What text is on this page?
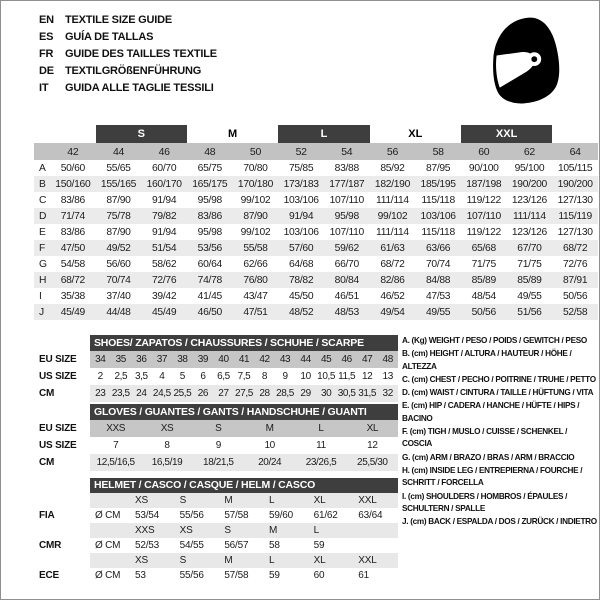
EN	TEXTILE SIZE GUIDE
ES	GUÍA DE TALLAS
FR	GUIDE DES TAILLES TEXTILE
DE	TEXTILGRÖßENFÜHRUNG
IT	GUIDA ALLE TAGLIE TESSILI
		S		M		L		XL		XXL		
	42	44	46	48	50	52	54	56	58	60	62	64
A	50/60	55/65	60/70	65/75	70/80	75/85	83/88	85/92	87/95	90/100	95/100	105/115
B	150/160	155/165	160/170	165/175	170/180	173/183	177/187	182/190	185/195	187/198	190/200	190/200
C	83/86	87/90	91/94	95/98	99/102	103/106	107/110	111/114	115/118	119/122	123/126	127/130
D	71/74	75/78	79/82	83/86	87/90	91/94	95/98	99/102	103/106	107/110	111/114	115/119
E	83/86	87/90	91/94	95/98	99/102	103/106	107/110	111/114	115/118	119/122	123/126	127/130
F	47/50	49/52	51/54	53/56	55/58	57/60	59/62	61/63	63/66	65/68	67/70	68/72
G	54/58	56/60	58/62	60/64	62/66	64/68	66/70	68/72	70/74	71/75	71/75	72/76
H	68/72	70/74	72/76	74/78	76/80	78/82	80/84	82/86	84/88	85/89	85/89	87/91
I	35/38	37/40	39/42	41/45	43/47	45/50	46/51	46/52	47/53	48/54	49/55	50/56
J	45/49	44/48	45/49	46/50	47/51	48/52	48/53	49/54	49/55	50/56	51/56	52/58
SHOES/ ZAPATOS / CHAUSSURES / SCHUHE / SCARPE
EU SIZE	34	35	36	37	38	39	40	41	42	43	44	45	46	47	48
US SIZE	2	2,5	3,5	4	5	6	6,5	7,5	8	9	10	10,5	11,5	12	13
CM	23	23,5	24	24,5	25,5	26	27	27,5	28	28,5	29	30	30,5	31,5	32
GLOVES / GUANTES / GANTS / HANDSCHUHE / GUANTI
EU SIZE	XXS	XS	S	M	L	XL
US SIZE	7	8	9	10	11	12
CM	12,5/16,5	16,5/19	18/21,5	20/24	23/26,5	25,5/30
HELMET / CASCO / CASQUE / HELM / CASCO
		XS	S	M	L	XL	XXL
FIA	Ø CM	53/54	55/56	57/58	59/60	61/62	63/64
		XXS	XS	S	M	L	
CMR	Ø CM	52/53	54/55	56/57	58	59	
		XS	S	M	L	XL	XXL
ECE	Ø CM	53	55/56	57/58	59	60	61
A. (Kg) WEIGHT / PESO / POIDS / GEWITCH / PESO
B. (cm) HEIGHT / ALTURA / HAUTEUR / HÖHE / ALTEZZA
C. (cm) CHEST / PECHO / POITRINE / TRUHE / PETTO
D. (cm) WAIST / CINTURA / TAILLE / HÜFTUNG / VITA
E. (cm) HIP / CADERA / HANCHE / HÜFTE / HIPS / BACINO
F. (cm) TIGH / MUSLO / CUISSE / SCHENKEL / COSCIA
G. (cm) ARM / BRAZO / BRAS / ARM / BRACCIO
H. (cm) INSIDE LEG / ENTREPIERNA / FOURCHE / SCHRITT / FORCELLA
I. (cm) SHOULDERS / HOMBROS / ÉPAULES / SCHULTERN / SPALLE
J. (cm) BACK / ESPALDA / DOS / ZURÜCK / INDIETRO
